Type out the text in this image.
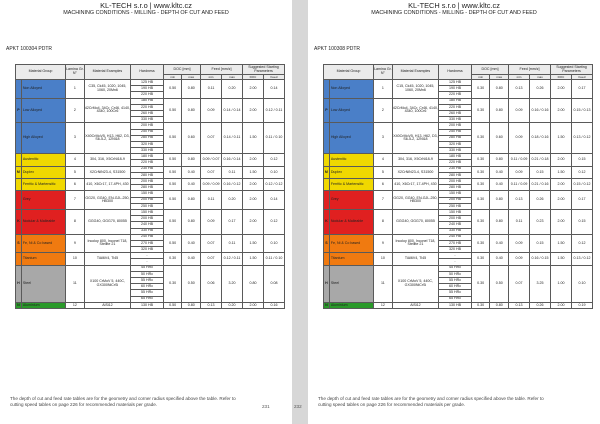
KL-TECH s.r.o | www.kltc.cz
MACHINING CONDITIONS - MILLING - DEPTH OF CUT AND FEED
APKT 100304 PDTR
Material Group		Lamina Gr. N°	Material Examples	Hardness	DOC [mm]		Feed [mm/z]		Suggested Starting Parameters	
					min	max	min	max	DOC	Feed
	Non Alloyed	1	C35, Ck45, 1020, 1045, 1060, 20Mn6	125 HB	0.50	0.80	0.11	0.20	2.00	0.14
				190 HB						
				220 HB						
P	Low Alloyed	2	42CrMo4, 34Cr, Cr46, 4140, 4340, 100Cr6	180 HB	0.50	0.80	0.09	0.14 / 0.14	2.00	0.12 / 0.11
				220 HB						
				260 HB						
				330 HB						
	High Alloyed	3	X40CrMoV5, H13, H62, D3, S6-5-2, 12Ni18	200 HB	0.50	0.60	0.07	0.14 / 0.11	1.50	0.11 / 0.10
				250 HB						
				280 HB						
				320 HB						
				330 HB						
	Austenitic	4	304, 316, X5CrNi18-9	180 HB	0.50	0.80	0.09 / 0.07	0.16 / 0.14	2.00	0.12
				220 HB						
M	Duplex	5	X2CrNiN23-4, S31500	230 HB	0.50	0.40	0.07	0.11	1.50	0.10
				280 HB						
	Ferritic & Martensitic	6	410, X6Cr17, 17-4PH, 430	200 HB	0.50	0.40	0.09 / 0.09	0.16 / 0.12	2.00	0.12 / 0.12
				280 HB						
	Grey	7	GG20, GG40, EN-GJL-250, HB300	150 HB	0.50	0.80	0.11	0.20	2.00	0.14
				200 HB						
				250 HB						
K	Nodular & Malleable	8	GGG40, GGG70, 80055	150 HB	0.50	0.80	0.09	0.17	2.00	0.12
				200 HB						
				240 HB						
				330 HB						
S	Fe, Ni & Co based	9	Incoloy 800, Inconel 718, Stellite 21	240 HB	0.50	0.40	0.07	0.11	1.50	0.10
				270 HB						
				320 HB						
	Titanium	10	TiAl6V4, Ti45	-	0.30	0.40	0.07	0.12 / 0.11	1.50	0.11 / 0.10
				-						
H	Steel	11	X100 CrMoV 5, 440C, GX300NiCrSi	45 HRc	0.30	0.50	0.06	3.20	0.80	0.08
				50 HRc						
				55 HRc						
				60 HRc						
				55 HRc						
				65 HRc						
N	Aluminium	12	AlSi12	130 HB	0.50	0.80	0.13	0.20	2.00	0.16
The depth of cut and feed rate tables are for the geometry and corner radius specified above the table. Refer to cutting speed tables on page 226 for recommended materials per grade.	231
KL-TECH s.r.o | www.kltc.cz
MACHINING CONDITIONS - MILLING - DEPTH OF CUT AND FEED
APKT 100308 PDTR
Material Group		Lamina Gr. N°	Material Examples	Hardness	DOC [mm]		Feed [mm/z]		Suggested Starting Parameters	
					min	max	min	max	DOC	Feed
	Non Alloyed	1	C15, Ck45, 1020, 1045, 1060, 20Mn6	125 HB	0.30	0.80	0.13	0.26	2.00	0.17
				190 HB						
				220 HB						
P	Low Alloyed	2	42CrMo4, 34Cr, Cr46, 4140, 4340, 100Cr6	180 HB	0.30	0.80	0.09	0.16 / 0.16	2.00	0.15 / 0.13
				220 HB						
				260 HB						
				330 HB						
	High Alloyed	3	X40CrMoV5, H13, H62, D3, S6-5-2, 12Ni18	200 HB	0.30	0.60	0.09	0.18 / 0.16	1.50	0.13 / 0.12
				250 HB						
				280 HB						
				320 HB						
				330 HB						
	Austenitic	4	304, 316, X5CrNi18-9	180 HB	0.30	0.80	0.11 / 0.09	0.21 / 0.18	2.00	0.15
				220 HB						
M	Duplex	5	X2CrNiN23-4, S31500	230 HB	0.30	0.40	0.09	0.15	1.50	0.12
				280 HB						
	Ferritic & Martensitic	6	410, X6Cr17, 17-4PH, 430	200 HB	0.30	0.40	0.11 / 0.09	0.21 / 0.16	2.00	0.15 / 0.12
				280 HB						
	Grey	7	GG20, GG40, EN-GJL-250, HB300	150 HB	0.30	0.80	0.13	0.26	2.00	0.17
				200 HB						
				250 HB						
K	Nodular & Malleable	8	GGG40, GGG70, 80055	150 HB	0.30	0.80	0.11	0.23	2.00	0.15
				200 HB						
				240 HB						
				330 HB						
S	Fe, Ni & Co based	9	Incoloy 800, Inconel 718, Stellite 21	240 HB	0.30	0.40	0.09	0.15	1.50	0.12
				270 HB						
				320 HB						
	Titanium	10	TiAl6V4, Ti45	-	0.30	0.40	0.09	0.16 / 0.15	1.50	0.13 / 0.12
				-						
H	Steel	11	X100 CrMoV 5, 440C, GX300NiCrSi	45 HRc	0.30	0.50	0.07	3.25	1.00	0.10
				50 HRc						
				55 HRc						
				60 HRc						
				55 HRc						
				65 HRc						
N	Aluminium	12	AlSi12	130 HB	0.30	0.80	0.13	0.26	2.00	0.19
The depth of cut and feed rate tables are for the geometry and corner radius specified above the table. Refer to cutting speed tables on page 226 for recommended materials per grade.
232
